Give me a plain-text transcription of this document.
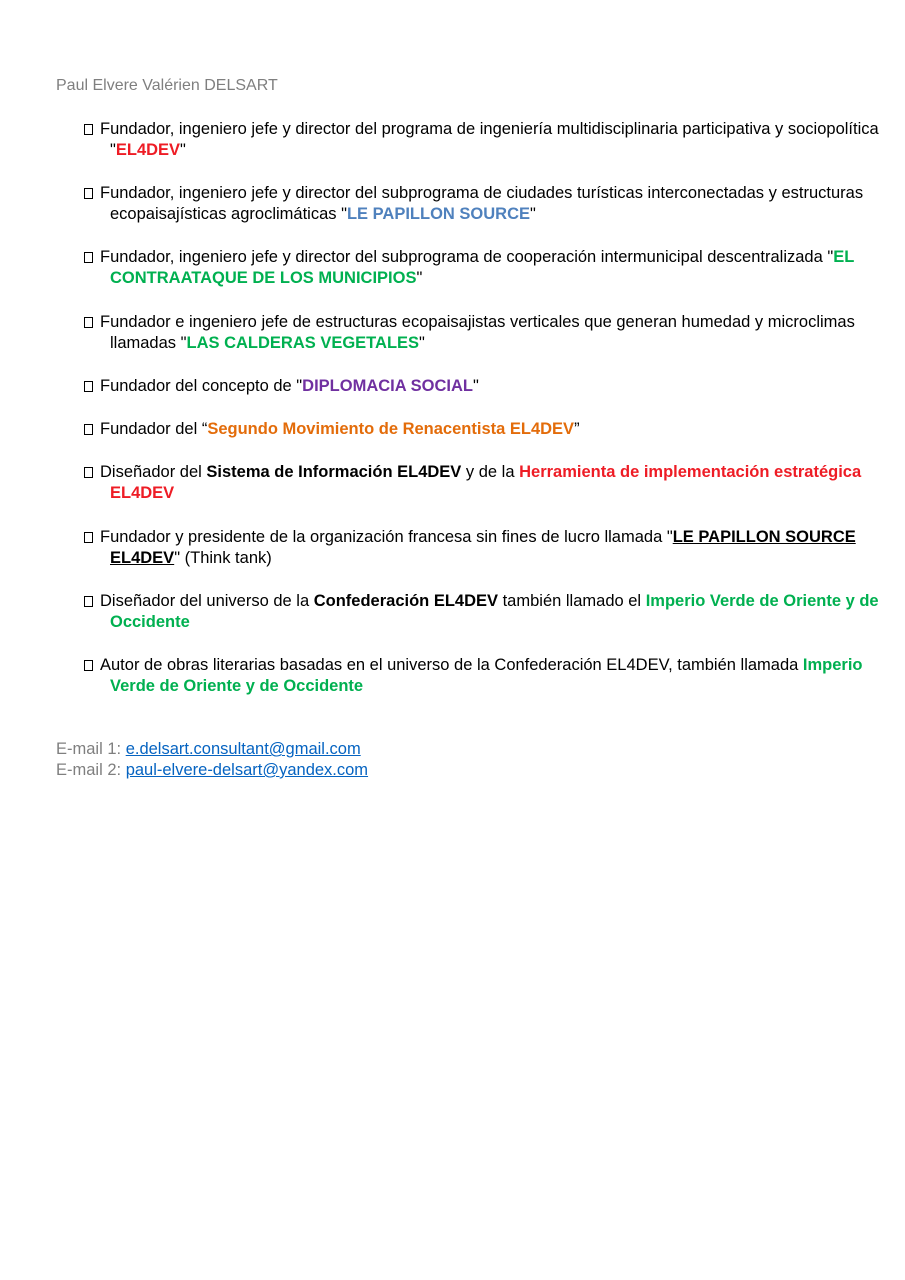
Paul Elvere Valérien DELSART
Fundador, ingeniero jefe y director del programa de ingeniería multidisciplinaria participativa y sociopolítica "EL4DEV"
Fundador, ingeniero jefe y director del subprograma de ciudades turísticas interconectadas y estructuras ecopaisajísticas agroclimáticas "LE PAPILLON SOURCE"
Fundador, ingeniero jefe y director del subprograma de cooperación intermunicipal descentralizada "EL CONTRAATAQUE DE LOS MUNICIPIOS"
Fundador e ingeniero jefe de estructuras ecopaisajistas verticales que generan humedad y microclimas llamadas "LAS CALDERAS VEGETALES"
Fundador del concepto de "DIPLOMACIA SOCIAL"
Fundador del “Segundo Movimiento de Renacentista EL4DEV”
Diseñador del Sistema de Información EL4DEV y de la Herramienta de implementación estratégica EL4DEV
Fundador y presidente de la organización francesa sin fines de lucro llamada "LE PAPILLON SOURCE EL4DEV" (Think tank)
Diseñador del universo de la Confederación EL4DEV también llamado el Imperio Verde de Oriente y de Occidente
Autor de obras literarias basadas en el universo de la Confederación EL4DEV, también llamada Imperio Verde de Oriente y de Occidente
E-mail 1: e.delsart.consultant@gmail.com
E-mail 2: paul-elvere-delsart@yandex.com
